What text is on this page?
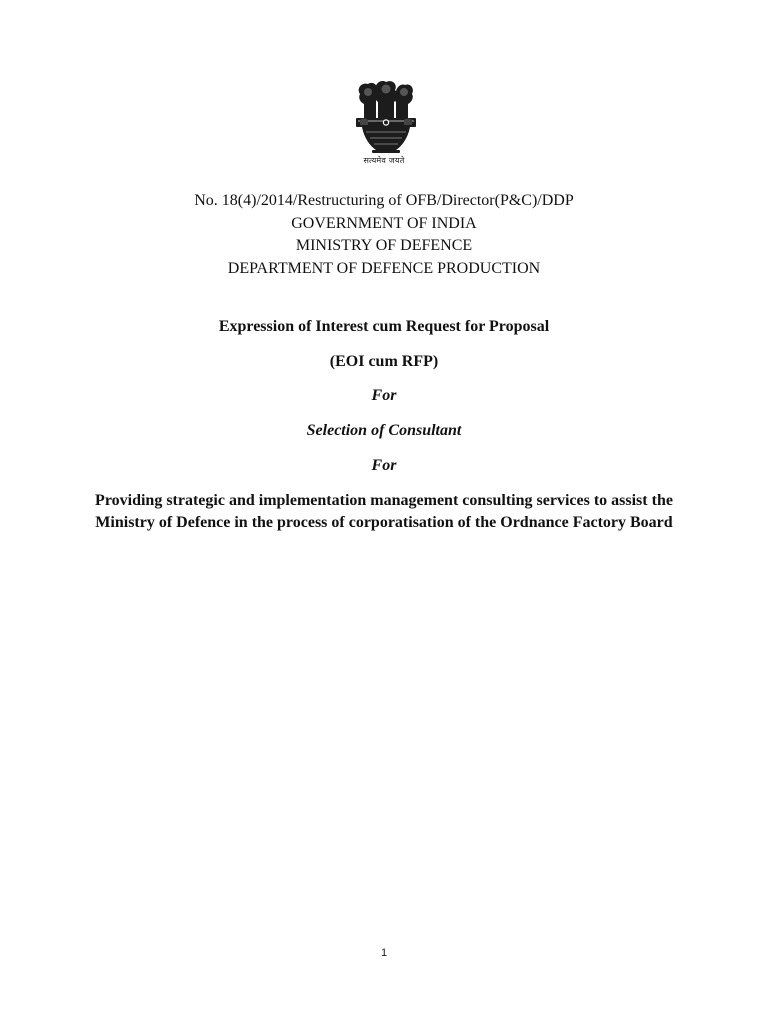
सत्यमेव जयते
No. 18(4)/2014/Restructuring of OFB/Director(P&C)/DDP
GOVERNMENT OF INDIA
MINISTRY OF DEFENCE
DEPARTMENT OF DEFENCE PRODUCTION
Expression of Interest cum Request for Proposal
(EOI cum RFP)
For
Selection of Consultant
For
Providing strategic and implementation management consulting services to assist the Ministry of Defence in the process of corporatisation of the Ordnance Factory Board
1
